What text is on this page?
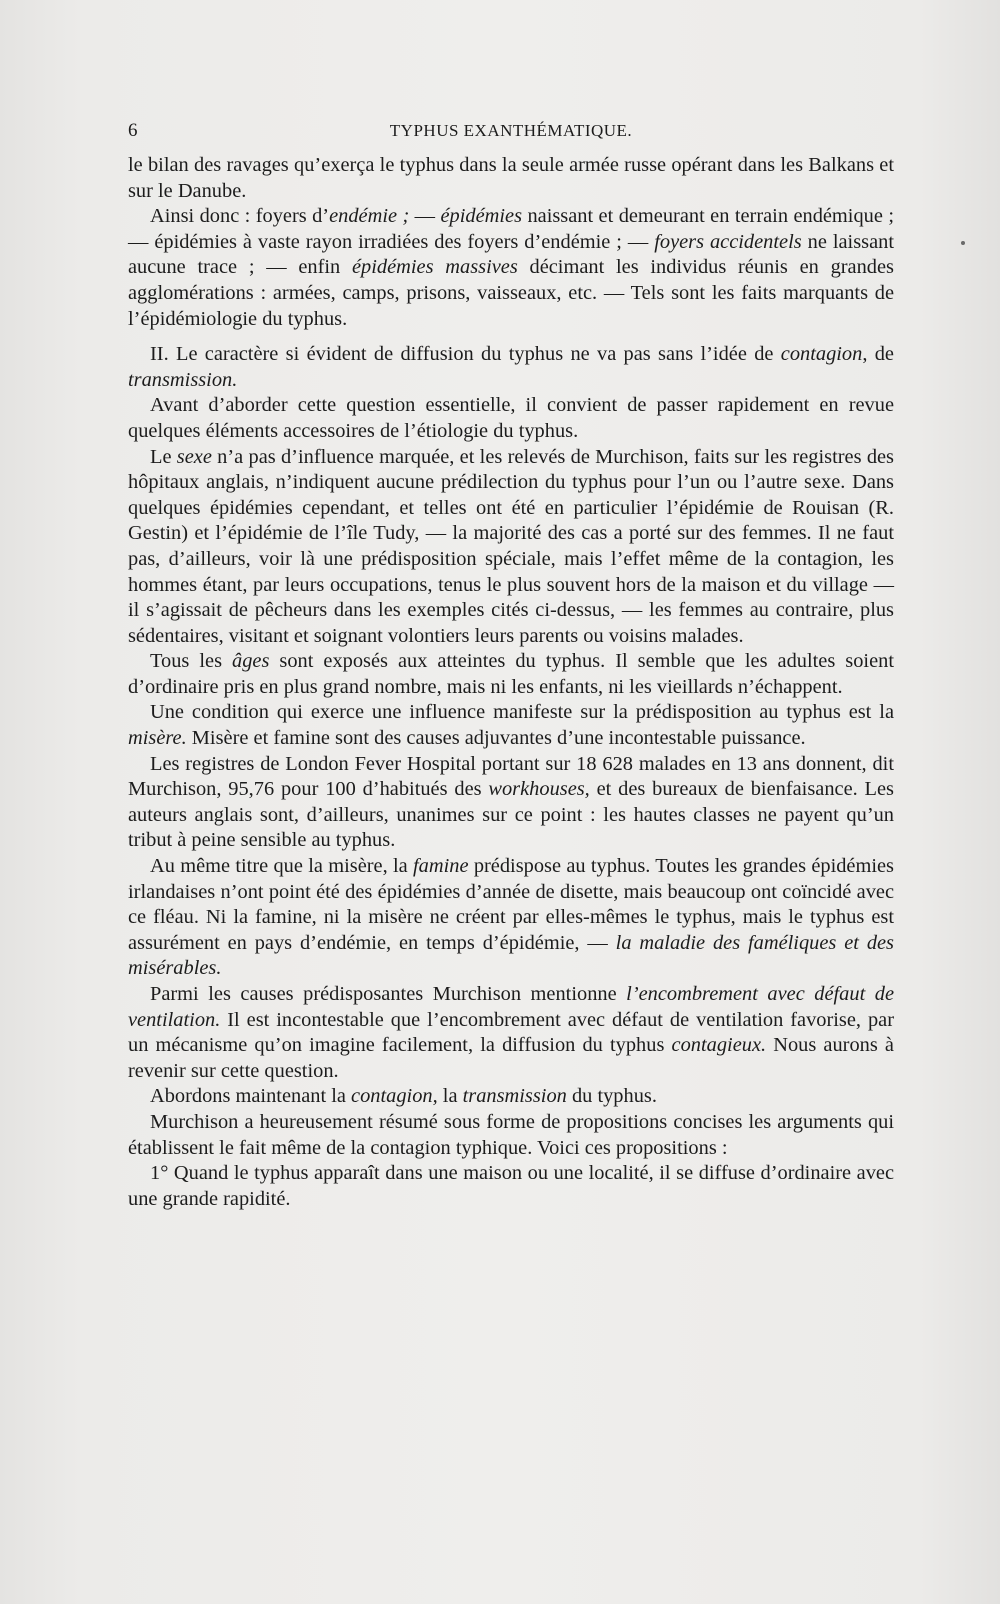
6	TYPHUS EXANTHÉMATIQUE.

le bilan des ravages qu’exerça le typhus dans la seule armée russe opérant dans les Balkans et sur le Danube.

Ainsi donc : foyers d’endémie ; — épidémies naissant et demeurant en terrain endémique ; — épidémies à vaste rayon irradiées des foyers d’endémie ; — foyers accidentels ne laissant aucune trace ; — enfin épidémies massives décimant les individus réunis en grandes agglomérations : armées, camps, prisons, vaisseaux, etc. — Tels sont les faits marquants de l’épidémiologie du typhus.

II. Le caractère si évident de diffusion du typhus ne va pas sans l’idée de contagion, de transmission.

Avant d’aborder cette question essentielle, il convient de passer rapidement en revue quelques éléments accessoires de l’étiologie du typhus.

Le sexe n’a pas d’influence marquée, et les relevés de Murchison, faits sur les registres des hôpitaux anglais, n’indiquent aucune prédilection du typhus pour l’un ou l’autre sexe. Dans quelques épidémies cependant, et telles ont été en particulier l’épidémie de Rouisan (R. Gestin) et l’épidémie de l’île Tudy, — la majorité des cas a porté sur des femmes. Il ne faut pas, d’ailleurs, voir là une prédisposition spéciale, mais l’effet même de la contagion, les hommes étant, par leurs occupations, tenus le plus souvent hors de la maison et du village — il s’agissait de pêcheurs dans les exemples cités ci-dessus, — les femmes au contraire, plus sédentaires, visitant et soignant volontiers leurs parents ou voisins malades.

Tous les âges sont exposés aux atteintes du typhus. Il semble que les adultes soient d’ordinaire pris en plus grand nombre, mais ni les enfants, ni les vieillards n’échappent.

Une condition qui exerce une influence manifeste sur la prédisposition au typhus est la misère. Misère et famine sont des causes adjuvantes d’une incontestable puissance.

Les registres de London Fever Hospital portant sur 18 628 malades en 13 ans donnent, dit Murchison, 95,76 pour 100 d’habitués des workhouses, et des bureaux de bienfaisance. Les auteurs anglais sont, d’ailleurs, unanimes sur ce point : les hautes classes ne payent qu’un tribut à peine sensible au typhus.

Au même titre que la misère, la famine prédispose au typhus. Toutes les grandes épidémies irlandaises n’ont point été des épidémies d’année de disette, mais beaucoup ont coïncidé avec ce fléau. Ni la famine, ni la misère ne créent par elles-mêmes le typhus, mais le typhus est assurément en pays d’endémie, en temps d’épidémie, — la maladie des faméliques et des misérables.

Parmi les causes prédisposantes Murchison mentionne l’encombrement avec défaut de ventilation. Il est incontestable que l’encombrement avec défaut de ventilation favorise, par un mécanisme qu’on imagine facilement, la diffusion du typhus contagieux. Nous aurons à revenir sur cette question.

Abordons maintenant la contagion, la transmission du typhus.

Murchison a heureusement résumé sous forme de propositions concises les arguments qui établissent le fait même de la contagion typhique. Voici ces propositions :

1° Quand le typhus apparaît dans une maison ou une localité, il se diffuse d’ordinaire avec une grande rapidité.
